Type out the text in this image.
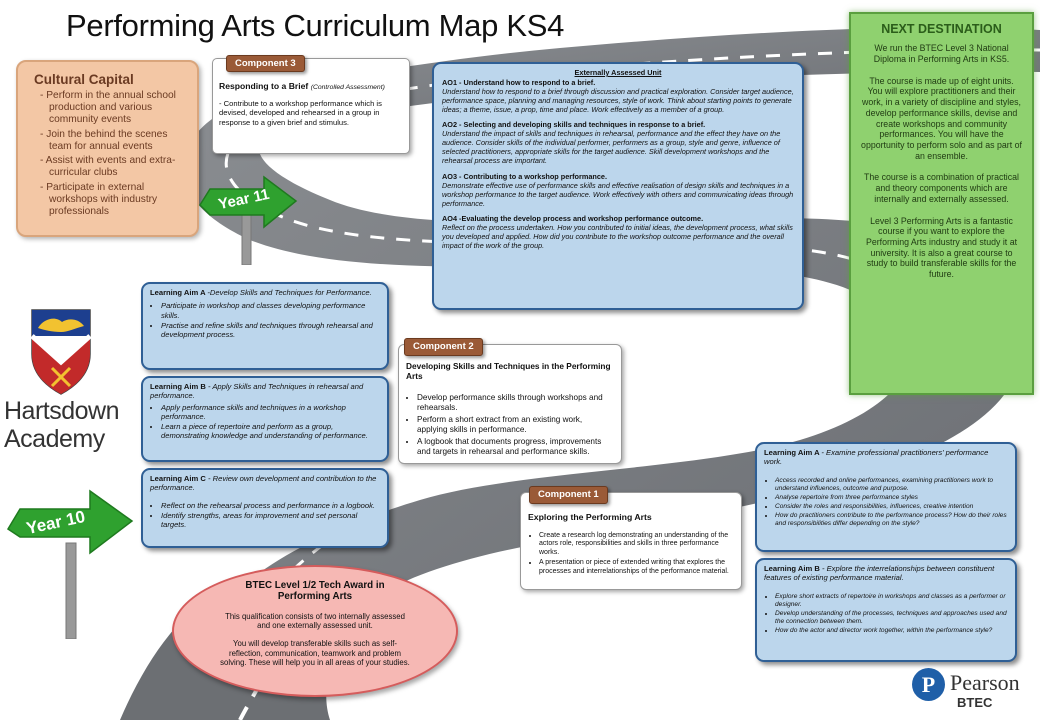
Performing Arts Curriculum Map KS4
Cultural Capital
- Perform in the annual school production and various community events
- Join the behind the scenes team for annual events
- Assist with events and extra-curricular clubs
- Participate in external workshops with industry professionals
Component 3
Responding to a Brief (Controlled Assessment)
- Contribute to a workshop performance which is devised, developed and rehearsed in a group in response to a given brief and stimulus.
Externally Assessed Unit
AO1 - Understand how to respond to a brief.
Understand how to respond to a brief through discussion and practical exploration. Consider target audience, performance space, planning and managing resources, style of work. Think about starting points to generate ideas; a theme, issue, a prop, time and place. Work effectively as a member of a group.
AO2 - Selecting and developing skills and techniques in response to a brief.
Understand the impact of skills and techniques in rehearsal, performance and the effect they have on the audience. Consider skills of the individual performer, performers as a group, style and genre, influence of selected practitioners, appropriate skills for the target audience. Skill development workshops and the rehearsal process are important.
AO3 - Contributing to a workshop performance.
Demonstrate effective use of performance skills and effective realisation of design skills and techniques in a workshop performance to the target audience. Work effectively with others and communicating ideas through performance.
AO4 -Evaluating the develop process and workshop performance outcome.
Reflect on the process undertaken. How you contributed to initial ideas, the development process, what skills you developed and applied. How did you contribute to the workshop outcome performance and the overall impact of the work of the group.
NEXT DESTINATION
We run the BTEC Level 3 National Diploma in Performing Arts in KS5.
The course is made up of eight units. You will explore practitioners and their work, in a variety of discipline and styles, develop performance skills, devise and create workshops and community performances. You will have the opportunity to perform solo and as part of an ensemble.
The course is a combination of practical and theory components which are internally and externally assessed.
Level 3 Performing Arts is a fantastic course if you want to explore the Performing Arts industry and study it at university. It is also a great course to study to build transferable skills for the future.
Year 11
Year 10
Learning Aim A -Develop Skills and Techniques for Performance.
• Participate in workshop and classes developing performance skills.
• Practise and refine skills and techniques through rehearsal and development process.
Learning Aim B - Apply Skills and Techniques in rehearsal and performance.
• Apply performance skills and techniques in a workshop performance.
• Learn a piece of repertoire and perform as a group, demonstrating knowledge and understanding of performance.
Learning Aim C - Review own development and contribution to the performance.
• Reflect on the rehearsal process and performance in a logbook.
• Identify strengths, areas for improvement and set personal targets.
Hartsdown
Academy
Component 2
Developing Skills and Techniques in the Performing Arts
• Develop performance skills through workshops and rehearsals.
• Perform a short extract from an existing work, applying skills in performance.
• A logbook that documents progress, improvements and targets in rehearsal and performance skills.
Component 1
Exploring the Performing Arts
• Create a research log demonstrating an understanding of the actors role, responsibilities and skills in three performance works.
• A presentation or piece of extended writing that explores the processes and interrelationships of the performance material.
Learning Aim A - Examine professional practitioners' performance work.
• Access recorded and online performances, examining practitioners work to understand influences, outcome and purpose.
• Analyse repertoire from three performance styles
• Consider the roles and responsibilities, influences, creative intention
• How do practitioners contribute to the performance process? How do their roles and responsibilities differ depending on the style?
Learning Aim B - Explore the interrelationships between constituent features of existing performance material.
• Explore short extracts of repertoire in workshops and classes as a performer or designer.
• Develop understanding of the processes, techniques and approaches used and the connection between them.
• How do the actor and director work together, within the performance style?
BTEC Level 1/2 Tech Award in Performing Arts
This qualification consists of two internally assessed and one externally assessed unit.
You will develop transferable skills such as self-reflection, communication, teamwork and problem solving. These will help you in all areas of your studies.
P Pearson
BTEC
